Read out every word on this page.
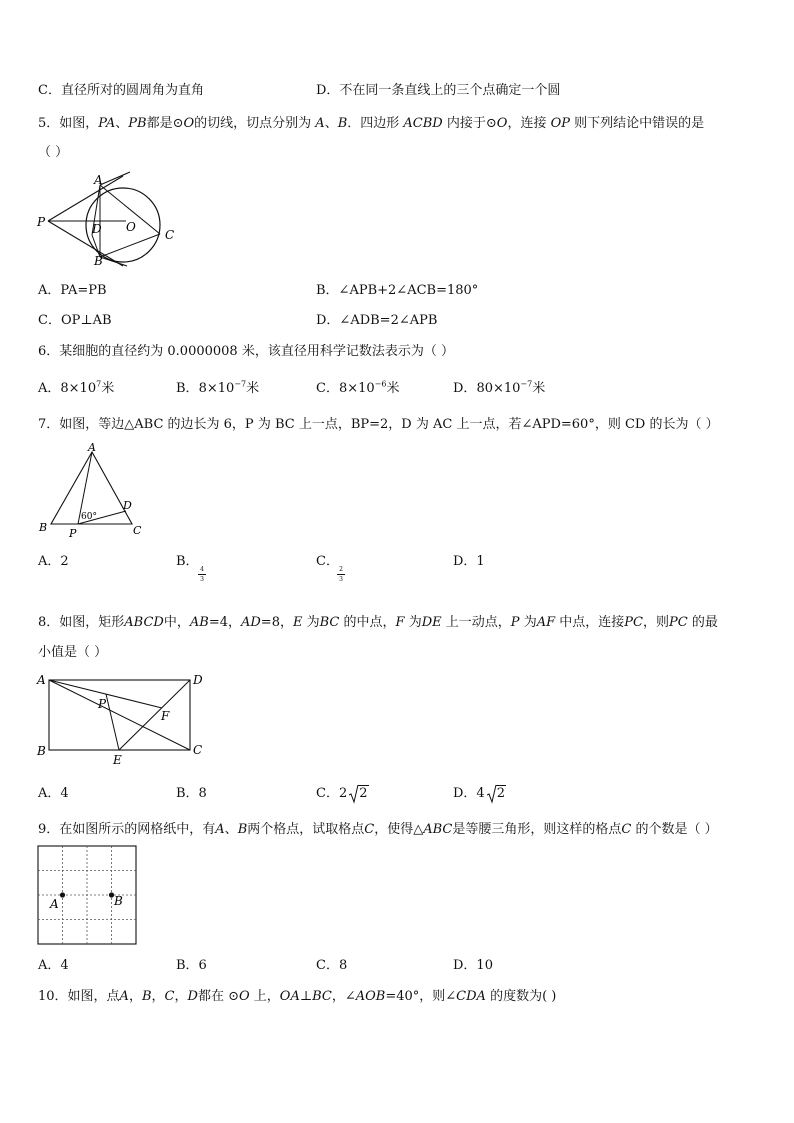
C．直径所对的圆周角为直角	D．不在同一条直线上的三个点确定一个圆
5．如图，PA、PB都是⊙O的切线，切点分别为 A、B．四边形 ACBD 内接于⊙O，连接 OP 则下列结论中错误的是
（ ）
A
P	D O
C
B
A．PA=PB	B．∠APB+2∠ACB=180°
C．OP⊥AB	D．∠ADB=2∠APB
6．某细胞的直径约为 0.0000008 米，该直径用科学记数法表示为（ ）
A．$8\times 10^7$米	B．$8\times 10^{-7}$米	C．$8\times 10^{-6}$米	D．$80\times 10^{-7}$米
7．如图，等边△ABC 的边长为 6，P 为 BC 上一点，BP=2，D 为 AC 上一点，若∠APD=60°，则 CD 的长为（ ）
A
B	C
D
P
60°
A．2	B．
4
3
C．
2
3
D．1
8．如图，矩形ABCD中，AB=4，AD=8，E 为BC 的中点，F 为DE 上一动点，P 为AF 中点，连接PC，则PC 的最
小值是（ ）
A	D
B	C
E
P
F
A．4	B．8	C．2 2	D．4 2
9．在如图所示的网格纸中，有A、B两个格点，试取格点C，使得△ABC是等腰三角形，则这样的格点C 的个数是（ ）
A	B
A．4	B．6	C．8	D．10
10．如图，点A，B，C，D都在 ⊙O 上，OA⊥BC，∠AOB=40°，则∠CDA 的度数为( )
